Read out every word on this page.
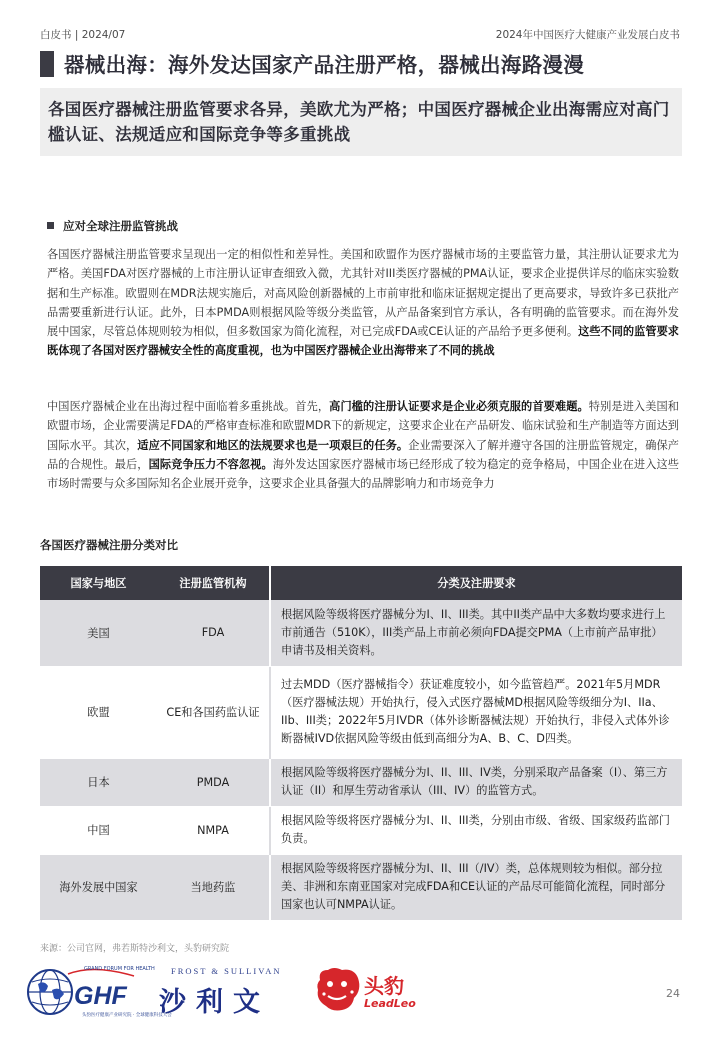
白皮书 | 2024/07	2024年中国医疗大健康产业发展白皮书
器械出海：海外发达国家产品注册严格，器械出海路漫漫
各国医疗器械注册监管要求各异，美欧尤为严格；中国医疗器械企业出海需应对高门槛认证、法规适应和国际竞争等多重挑战
应对全球注册监管挑战

各国医疗器械注册监管要求呈现出一定的相似性和差异性。美国和欧盟作为医疗器械市场的主要监管力量，其注册认证要求尤为严格。美国FDA对医疗器械的上市注册认证审查细致入微，尤其针对III类医疗器械的PMA认证，要求企业提供详尽的临床实验数据和生产标准。欧盟则在MDR法规实施后，对高风险创新器械的上市前审批和临床证据规定提出了更高要求，导致许多已获批产品需要重新进行认证。此外，日本PMDA则根据风险等级分类监管，从产品备案到官方承认，各有明确的监管要求。而在海外发展中国家，尽管总体规则较为相似，但多数国家为简化流程，对已完成FDA或CE认证的产品给予更多便利。这些不同的监管要求既体现了各国对医疗器械安全性的高度重视，也为中国医疗器械企业出海带来了不同的挑战

中国医疗器械企业在出海过程中面临着多重挑战。首先，高门槛的注册认证要求是企业必须克服的首要难题。特别是进入美国和欧盟市场，企业需要满足FDA的严格审查标准和欧盟MDR下的新规定，这要求企业在产品研发、临床试验和生产制造等方面达到国际水平。其次，适应不同国家和地区的法规要求也是一项艰巨的任务。企业需要深入了解并遵守各国的注册监管规定，确保产品的合规性。最后，国际竞争压力不容忽视。海外发达国家医疗器械市场已经形成了较为稳定的竞争格局，中国企业在进入这些市场时需要与众多国际知名企业展开竞争，这要求企业具备强大的品牌影响力和市场竞争力

各国医疗器械注册分类对比
国家与地区	注册监管机构	分类及注册要求
美国	FDA	根据风险等级将医疗器械分为I、II、III类。其中II类产品中大多数均要求进行上市前通告（510K），III类产品上市前必须向FDA提交PMA（上市前产品审批）申请书及相关资料。
欧盟	CE和各国药监认证	过去MDD（医疗器械指令）获证难度较小，如今监管趋严。2021年5月MDR（医疗器械法规）开始执行，侵入式医疗器械MD根据风险等级细分为I、IIa、IIb、III类；2022年5月IVDR（体外诊断器械法规）开始执行，非侵入式体外诊断器械IVD依据风险等级由低到高细分为A、B、C、D四类。
日本	PMDA	根据风险等级将医疗器械分为I、II、III、IV类，分别采取产品备案（I）、第三方认证（II）和厚生劳动省承认（III、IV）的监管方式。
中国	NMPA	根据风险等级将医疗器械分为I、II、III类，分别由市级、省级、国家级药监部门负责。
海外发展中国家	当地药监	根据风险等级将医疗器械分为I、II、III（/IV）类，总体规则较为相似。部分拉美、非洲和东南亚国家对完成FDA和CE认证的产品尽可能简化流程，同时部分国家也认可NMPA认证。
来源：公司官网，弗若斯特沙利文，头豹研究院
GHF
GRAND FORUM FOR HEALTH
头豹医疗健康产业研究院 · 全球健康科技大会
FROST & SULLIVAN
沙利文
头豹
LeadLeo
24
